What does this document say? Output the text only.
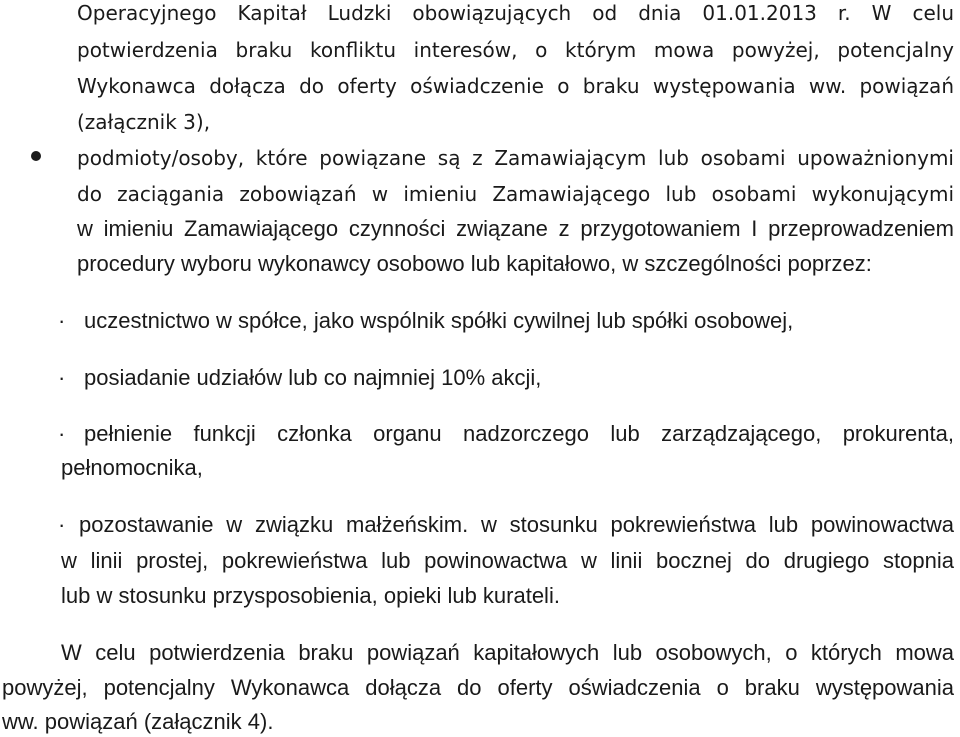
Operacyjnego Kapitał Ludzki obowiązujących od dnia 01.01.2013 r. W celu
potwierdzenia braku konfliktu interesów, o którym mowa powyżej, potencjalny
Wykonawca dołącza do oferty oświadczenie o braku występowania ww. powiązań
(załącznik 3),
podmioty/osoby, które powiązane są z Zamawiającym lub osobami upoważnionymi
do zaciągania zobowiązań w imieniu Zamawiającego lub osobami wykonującymi
w imieniu Zamawiającego czynności związane z przygotowaniem I przeprowadzeniem
procedury wyboru wykonawcy osobowo lub kapitałowo, w szczególności poprzez:
· uczestnictwo w spółce, jako wspólnik spółki cywilnej lub spółki osobowej,
· posiadanie udziałów lub co najmniej 10% akcji,
· pełnienie funkcji członka organu nadzorczego lub zarządzającego, prokurenta,
pełnomocnika,
· pozostawanie w związku małżeńskim. w stosunku pokrewieństwa lub powinowactwa
w linii prostej, pokrewieństwa lub powinowactwa w linii bocznej do drugiego stopnia
lub w stosunku przysposobienia, opieki lub kurateli.
W celu potwierdzenia braku powiązań kapitałowych lub osobowych, o których mowa
powyżej, potencjalny Wykonawca dołącza do oferty oświadczenia o braku występowania
ww. powiązań (załącznik 4).
